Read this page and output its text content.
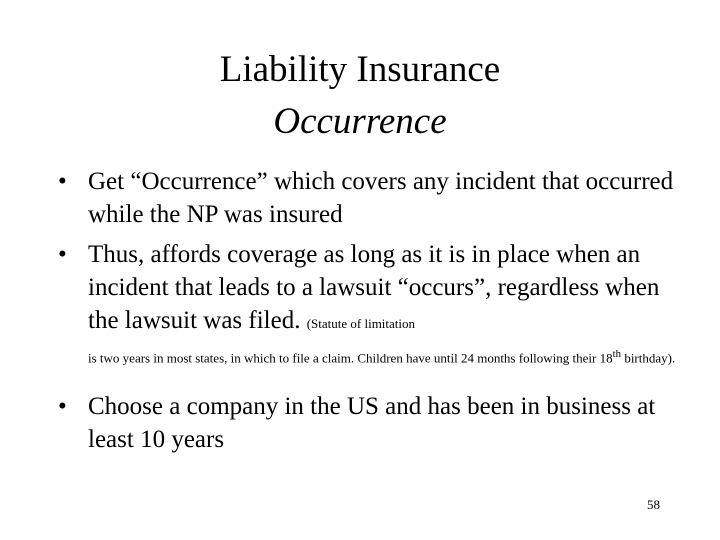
Liability Insurance
Occurrence
• Get “Occurrence” which covers any incident that occurred while the NP was insured
• Thus, affords coverage as long as it is in place when an incident that leads to a lawsuit “occurs”, regardless when the lawsuit was filed. (Statute of limitation
is two years in most states, in which to file a claim. Children have until 24 months following their 18th birthday).
• Choose a company in the US and has been in business at least 10 years
58
